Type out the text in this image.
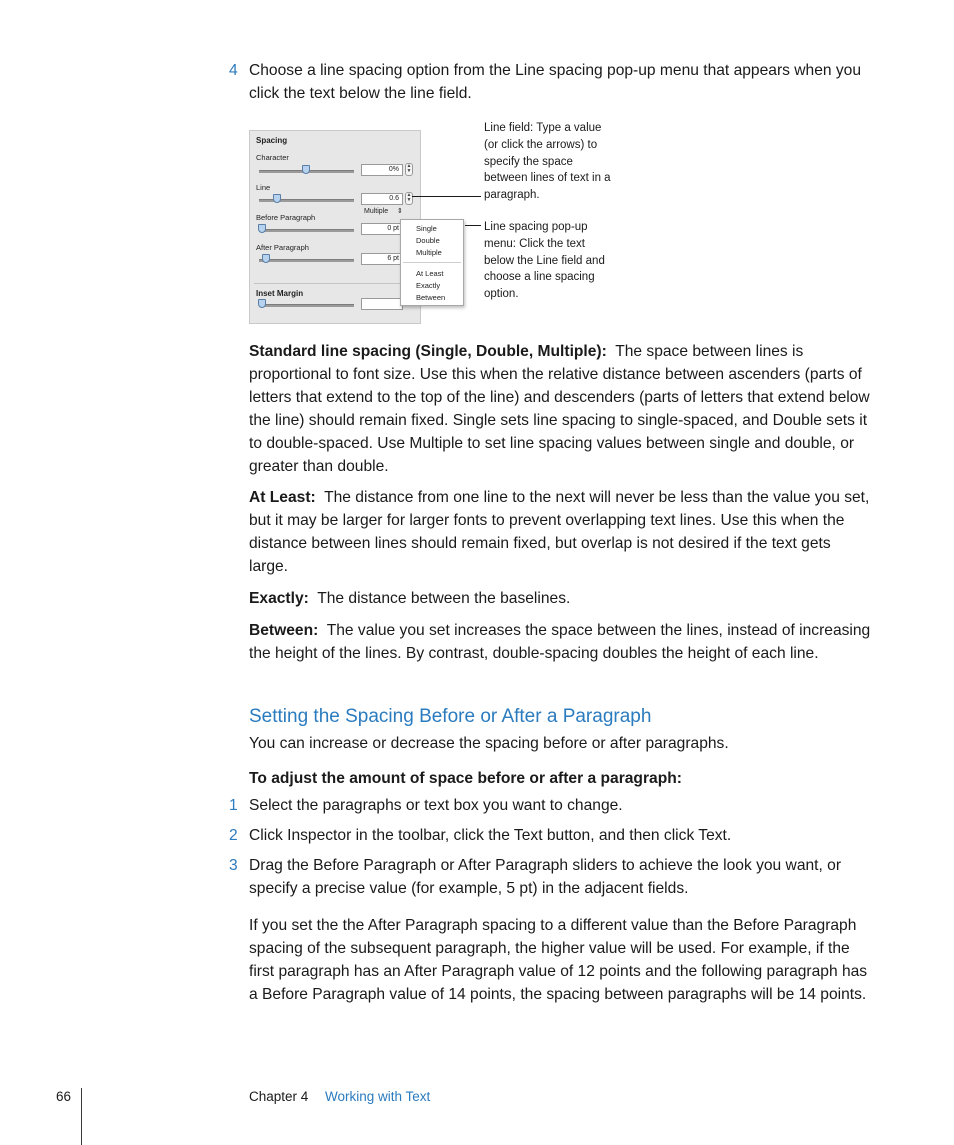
4 Choose a line spacing option from the Line spacing pop-up menu that appears when you click the text below the line field.
Spacing
Character
0%	▲
▼
Line
0.6	▲
▼
Multiple ⇕
Before Paragraph
0 pt
After Paragraph
6 pt
Inset Margin
Single
Double
Multiple
At Least
Exactly
Between
Line field: Type a value (or click the arrows) to specify the space between lines of text in a paragraph.
Line spacing pop-up menu: Click the text below the Line field and choose a line spacing option.
Standard line spacing (Single, Double, Multiple): The space between lines is proportional to font size. Use this when the relative distance between ascenders (parts of letters that extend to the top of the line) and descenders (parts of letters that extend below the line) should remain fixed. Single sets line spacing to single-spaced, and Double sets it to double-spaced. Use Multiple to set line spacing values between single and double, or greater than double.
At Least: The distance from one line to the next will never be less than the value you set, but it may be larger for larger fonts to prevent overlapping text lines. Use this when the distance between lines should remain fixed, but overlap is not desired if the text gets large.
Exactly: The distance between the baselines.
Between: The value you set increases the space between the lines, instead of increasing the height of the lines. By contrast, double-spacing doubles the height of each line.
Setting the Spacing Before or After a Paragraph
You can increase or decrease the spacing before or after paragraphs.
To adjust the amount of space before or after a paragraph:
1 Select the paragraphs or text box you want to change.
2 Click Inspector in the toolbar, click the Text button, and then click Text.
3 Drag the Before Paragraph or After Paragraph sliders to achieve the look you want, or specify a precise value (for example, 5 pt) in the adjacent fields.
If you set the the After Paragraph spacing to a different value than the Before Paragraph spacing of the subsequent paragraph, the higher value will be used. For example, if the first paragraph has an After Paragraph value of 12 points and the following paragraph has a Before Paragraph value of 14 points, the spacing between paragraphs will be 14 points.
66	Chapter 4 Working with Text
